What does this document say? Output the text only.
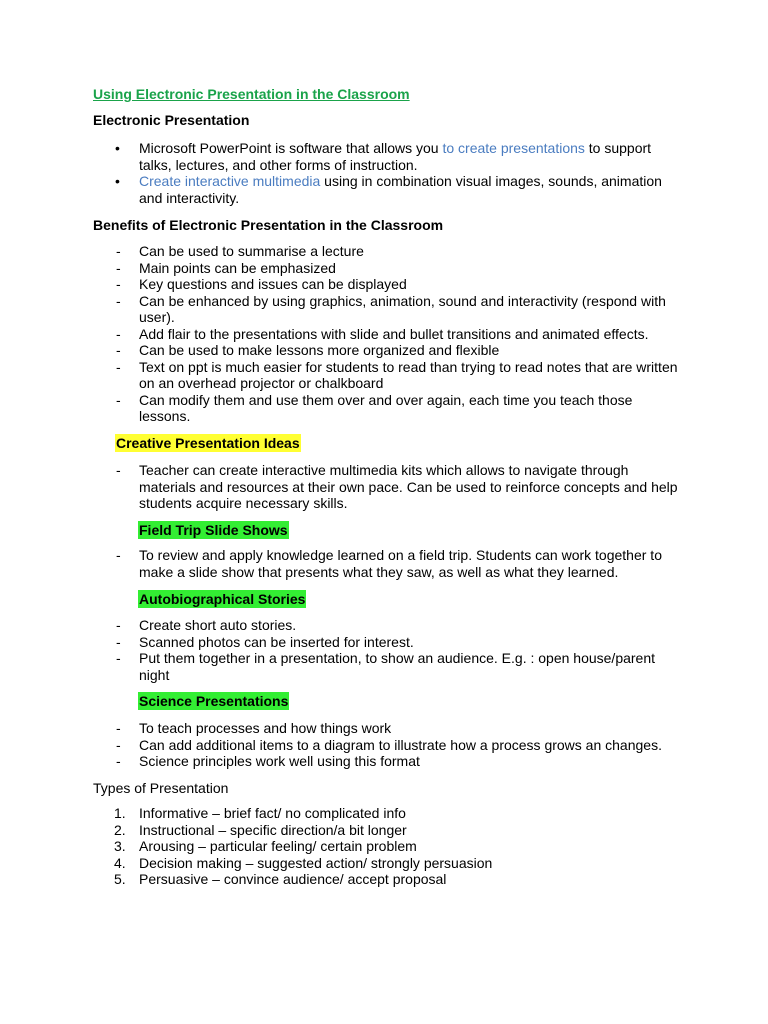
Using Electronic Presentation in the Classroom

Electronic Presentation

• Microsoft PowerPoint is software that allows you to create presentations to support talks, lectures, and other forms of instruction.
• Create interactive multimedia using in combination visual images, sounds, animation and interactivity.

Benefits of Electronic Presentation in the Classroom

- Can be used to summarise a lecture
- Main points can be emphasized
- Key questions and issues can be displayed
- Can be enhanced by using graphics, animation, sound and interactivity (respond with user).
- Add flair to the presentations with slide and bullet transitions and animated effects.
- Can be used to make lessons more organized and flexible
- Text on ppt is much easier for students to read than trying to read notes that are written on an overhead projector or chalkboard
- Can modify them and use them over and over again, each time you teach those lessons.

Creative Presentation Ideas

- Teacher can create interactive multimedia kits which allows to navigate through materials and resources at their own pace. Can be used to reinforce concepts and help students acquire necessary skills.

Field Trip Slide Shows

- To review and apply knowledge learned on a field trip. Students can work together to make a slide show that presents what they saw, as well as what they learned.

Autobiographical Stories

- Create short auto stories.
- Scanned photos can be inserted for interest.
- Put them together in a presentation, to show an audience. E.g. : open house/parent night

Science Presentations

- To teach processes and how things work
- Can add additional items to a diagram to illustrate how a process grows an changes.
- Science principles work well using this format

Types of Presentation

1. Informative – brief fact/ no complicated info
2. Instructional – specific direction/a bit longer
3. Arousing – particular feeling/ certain problem
4. Decision making – suggested action/ strongly persuasion
5. Persuasive – convince audience/ accept proposal
